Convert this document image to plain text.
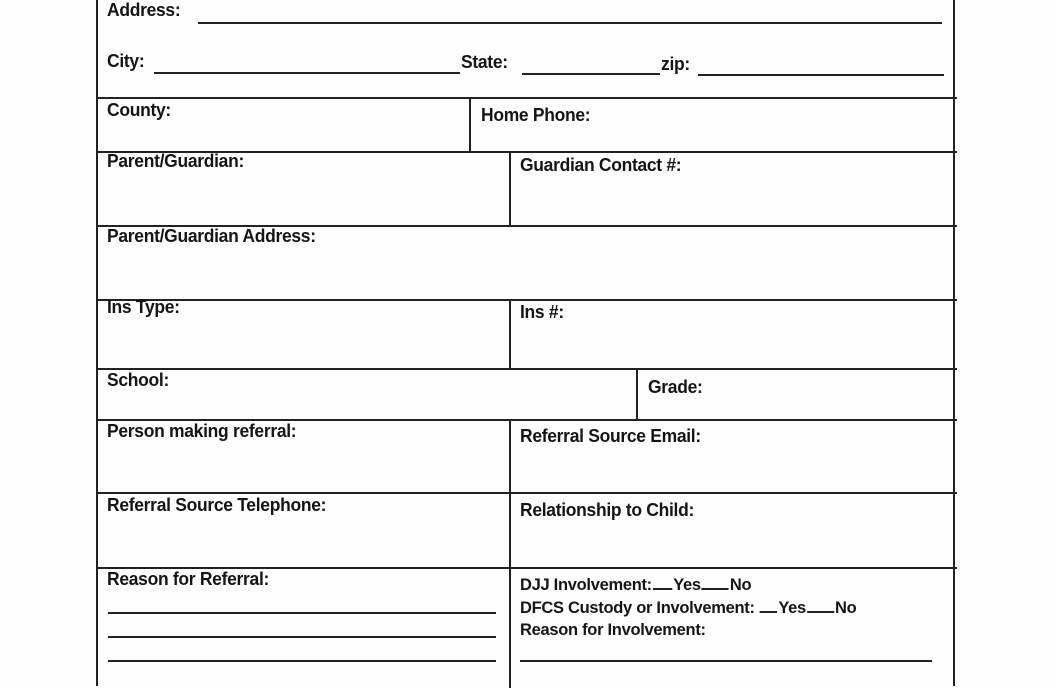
Address:
City:	State:	zip:
County:	Home Phone:
Parent/Guardian:	Guardian Contact #:
Parent/Guardian Address:
Ins Type:	Ins #:
School:	Grade:
Person making referral:	Referral Source Email:
Referral Source Telephone:	Relationship to Child:
Reason for Referral:	DJJ Involvement: Yes No
DFCS Custody or Involvement: Yes No
Reason for Involvement:
